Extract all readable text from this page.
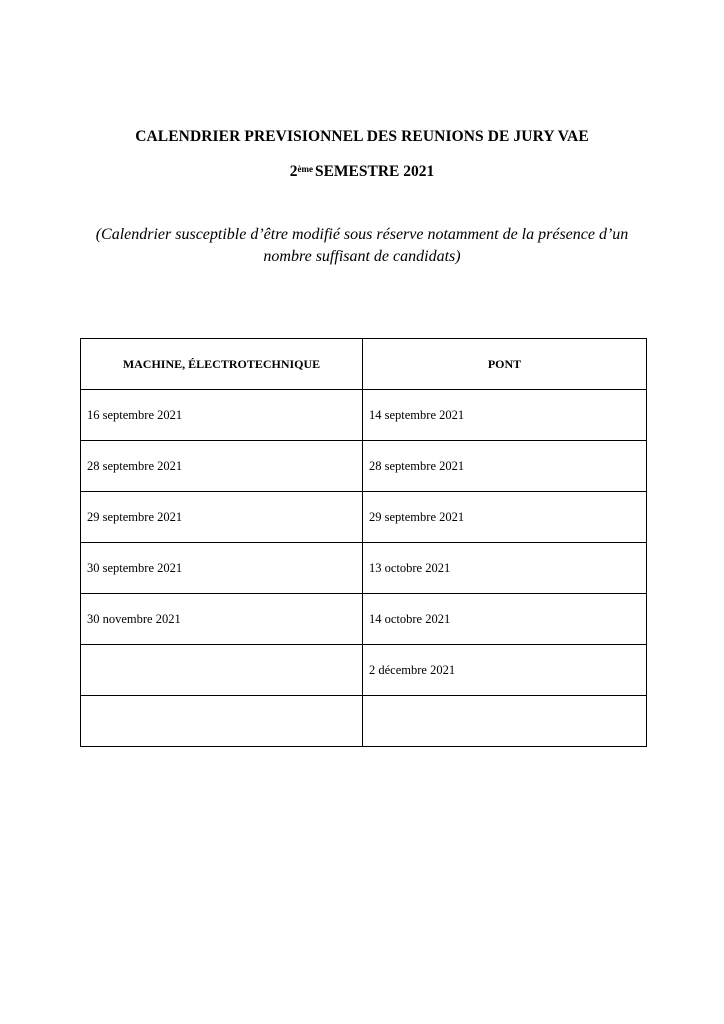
CALENDRIER PREVISIONNEL DES REUNIONS DE JURY VAE
2ème SEMESTRE 2021
(Calendrier susceptible d’être modifié sous réserve notamment de la présence d’un nombre suffisant de candidats)
MACHINE, ÉLECTROTECHNIQUE	PONT
16 septembre 2021	14 septembre 2021
28 septembre 2021	28 septembre 2021
29 septembre 2021	29 septembre 2021
30 septembre 2021	13 octobre 2021
30 novembre 2021	14 octobre 2021
	2 décembre 2021
